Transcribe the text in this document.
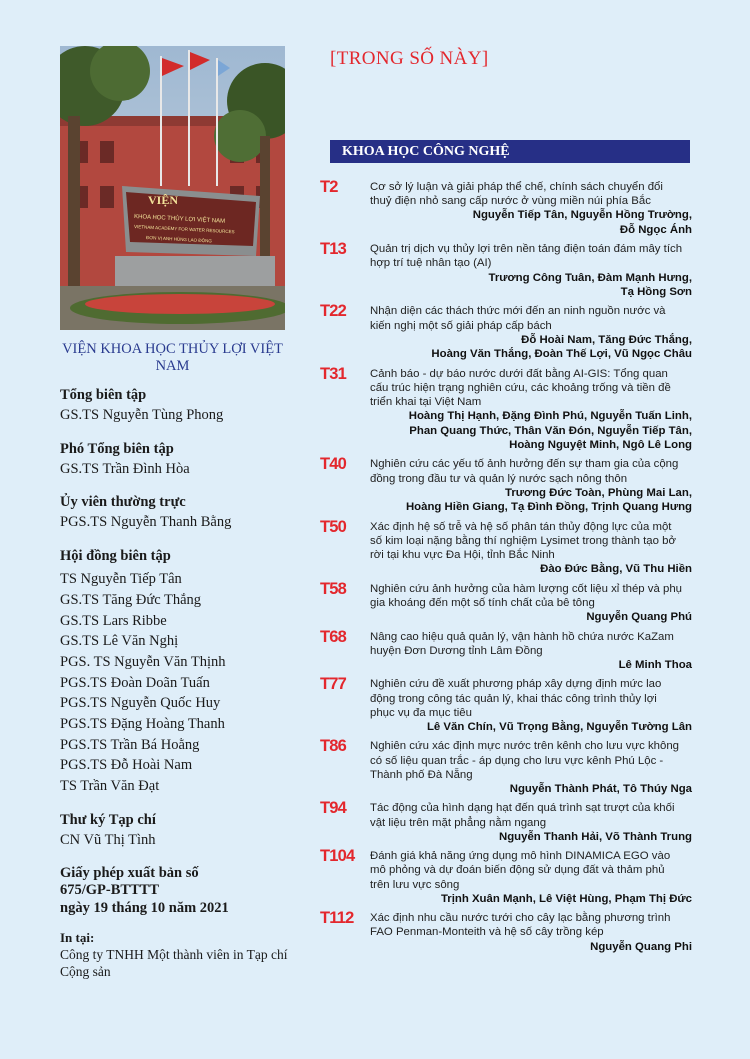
VIỆN
KHOA HỌC THỦY LỢI VIỆT NAM
VIETNAM ACADEMY FOR WATER RESOURCES
ĐƠN VỊ ANH HÙNG LAO ĐỘNG
VIỆN KHOA HỌC THỦY LỢI VIỆT NAM

Tổng biên tập

GS.TS Nguyễn Tùng Phong

Phó Tổng biên tập

GS.TS Trần Đình Hòa

Ủy viên thường trực

PGS.TS Nguyễn Thanh Bằng

Hội đồng biên tập

TS Nguyễn Tiếp Tân

GS.TS Tăng Đức Thắng

GS.TS Lars Ribbe

GS.TS Lê Văn Nghị

PGS. TS Nguyễn Văn Thịnh

PGS.TS Đoàn Doãn Tuấn

PGS.TS Nguyễn Quốc Huy

PGS.TS Đặng Hoàng Thanh

PGS.TS Trần Bá Hoằng

PGS.TS Đỗ Hoài Nam

TS Trần Văn Đạt

Thư ký Tạp chí

CN Vũ Thị Tình

Giấy phép xuất bản số
675/GP-BTTTT
ngày 19 tháng 10 năm 2021
In tại:
Công ty TNHH Một thành viên in Tạp chí Cộng sản
[TRONG SỐ NÀY]
KHOA HỌC CÔNG NGHỆ
T2	Cơ sở lý luận và giải pháp thể chế, chính sách chuyển đổi
thuỷ điện nhỏ sang cấp nước ở vùng miền núi phía Bắc
Nguyễn Tiếp Tân, Nguyễn Hồng Trường,
Đỗ Ngọc Ánh
T13 Quản trị dịch vụ thủy lợi trên nền tảng điện toán đám mây tích
hợp trí tuệ nhân tạo (AI)
Trương Công Tuân, Đàm Mạnh Hưng,
Tạ Hồng Sơn
T22 Nhận diện các thách thức mới đến an ninh nguồn nước và
kiến nghị một số giải pháp cấp bách
Đỗ Hoài Nam, Tăng Đức Thắng,
Hoàng Văn Thắng, Đoàn Thế Lợi, Vũ Ngọc Châu
T31 Cảnh báo - dự báo nước dưới đất bằng AI-GIS: Tổng quan
cấu trúc hiện trạng nghiên cứu, các khoảng trống và tiền đề
triển khai tại Việt Nam
Hoàng Thị Hạnh, Đặng Đình Phú, Nguyễn Tuấn Linh,
Phan Quang Thức, Thân Văn Đón, Nguyễn Tiếp Tân,
Hoàng Nguyệt Minh, Ngô Lê Long
T40 Nghiên cứu các yếu tố ảnh hưởng đến sự tham gia của cộng
đồng trong đầu tư và quản lý nước sạch nông thôn
Trương Đức Toàn, Phùng Mai Lan,
Hoàng Hiền Giang, Tạ Đình Đồng, Trịnh Quang Hưng
T50 Xác định hệ số trễ và hệ số phân tán thủy động lực của một
số kim loại nặng bằng thí nghiệm Lysimet trong thành tạo bở
rời tại khu vực Đa Hội, tỉnh Bắc Ninh
Đào Đức Bằng, Vũ Thu Hiền
T58 Nghiên cứu ảnh hưởng của hàm lượng cốt liệu xỉ thép và phụ
gia khoáng đến một số tính chất của bê tông
Nguyễn Quang Phú
T68 Nâng cao hiệu quả quản lý, vận hành hồ chứa nước KaZam
huyện Đơn Dương tỉnh Lâm Đồng
Lê Minh Thoa
T77 Nghiên cứu đề xuất phương pháp xây dựng định mức lao
động trong công tác quản lý, khai thác công trình thủy lợi
phục vụ đa mục tiêu
Lê Văn Chín, Vũ Trọng Bằng, Nguyễn Tường Lân
T86 Nghiên cứu xác định mực nước trên kênh cho lưu vực không
có số liệu quan trắc - áp dụng cho lưu vực kênh Phú Lộc -
Thành phố Đà Nẵng
Nguyễn Thành Phát, Tô Thúy Nga
T94 Tác động của hình dạng hạt đến quá trình sạt trượt của khối
vật liệu trên mặt phẳng nằm ngang
Nguyễn Thanh Hải, Võ Thành Trung
T104 Đánh giá khả năng ứng dụng mô hình DINAMICA EGO vào
mô phỏng và dự đoán biến động sử dụng đất và thảm phủ
trên lưu vực sông
Trịnh Xuân Mạnh, Lê Việt Hùng, Phạm Thị Đức
T112 Xác định nhu cầu nước tưới cho cây lạc bằng phương trình
FAO Penman-Monteith và hệ số cây trồng kép
Nguyễn Quang Phi
